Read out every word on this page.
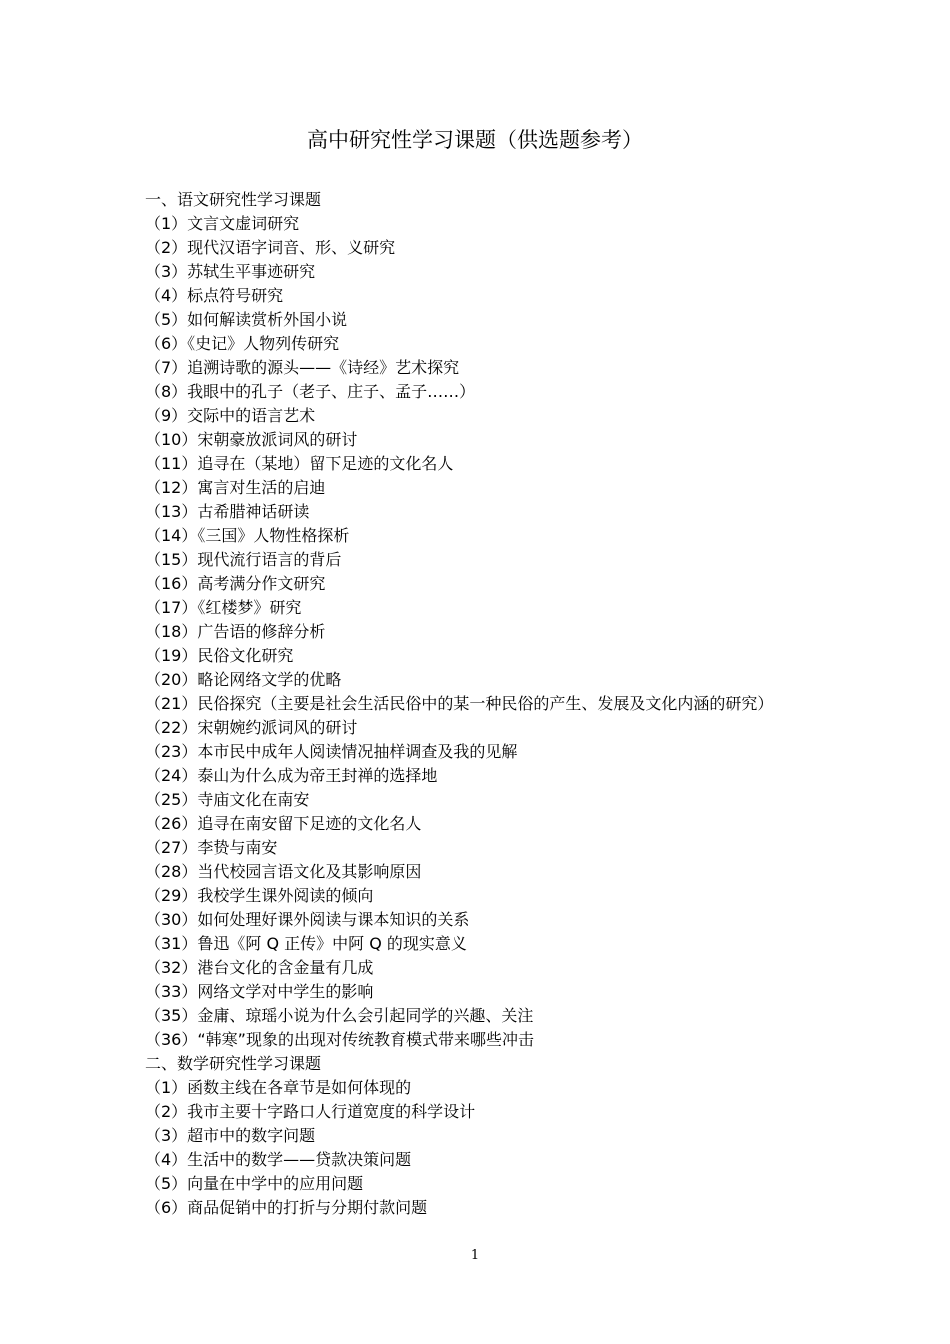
高中研究性学习课题（供选题参考）
一、语文研究性学习课题
（1）文言文虚词研究
（2）现代汉语字词音、形、义研究
（3）苏轼生平事迹研究
（4）标点符号研究
（5）如何解读赏析外国小说
（6）《史记》人物列传研究
（7）追溯诗歌的源头——《诗经》艺术探究
（8）我眼中的孔子（老子、庄子、孟子……）
（9）交际中的语言艺术
（10）宋朝豪放派词风的研讨
（11）追寻在（某地）留下足迹的文化名人
（12）寓言对生活的启迪
（13）古希腊神话研读
（14）《三国》人物性格探析
（15）现代流行语言的背后
（16）高考满分作文研究
（17）《红楼梦》研究
（18）广告语的修辞分析
（19）民俗文化研究
（20）略论网络文学的优略
（21）民俗探究（主要是社会生活民俗中的某一种民俗的产生、发展及文化内涵的研究）
（22）宋朝婉约派词风的研讨
（23）本市民中成年人阅读情况抽样调查及我的见解
（24）泰山为什么成为帝王封禅的选择地
（25）寺庙文化在南安
（26）追寻在南安留下足迹的文化名人
（27）李贽与南安
（28）当代校园言语文化及其影响原因
（29）我校学生课外阅读的倾向
（30）如何处理好课外阅读与课本知识的关系
（31）鲁迅《阿 Q 正传》中阿 Q 的现实意义
（32）港台文化的含金量有几成
（33）网络文学对中学生的影响
（35）金庸、琼瑶小说为什么会引起同学的兴趣、关注
（36）“韩寒”现象的出现对传统教育模式带来哪些冲击
二、数学研究性学习课题
（1）函数主线在各章节是如何体现的
（2）我市主要十字路口人行道宽度的科学设计
（3）超市中的数字问题
（4）生活中的数学——贷款决策问题
（5）向量在中学中的应用问题
（6）商品促销中的打折与分期付款问题
1
